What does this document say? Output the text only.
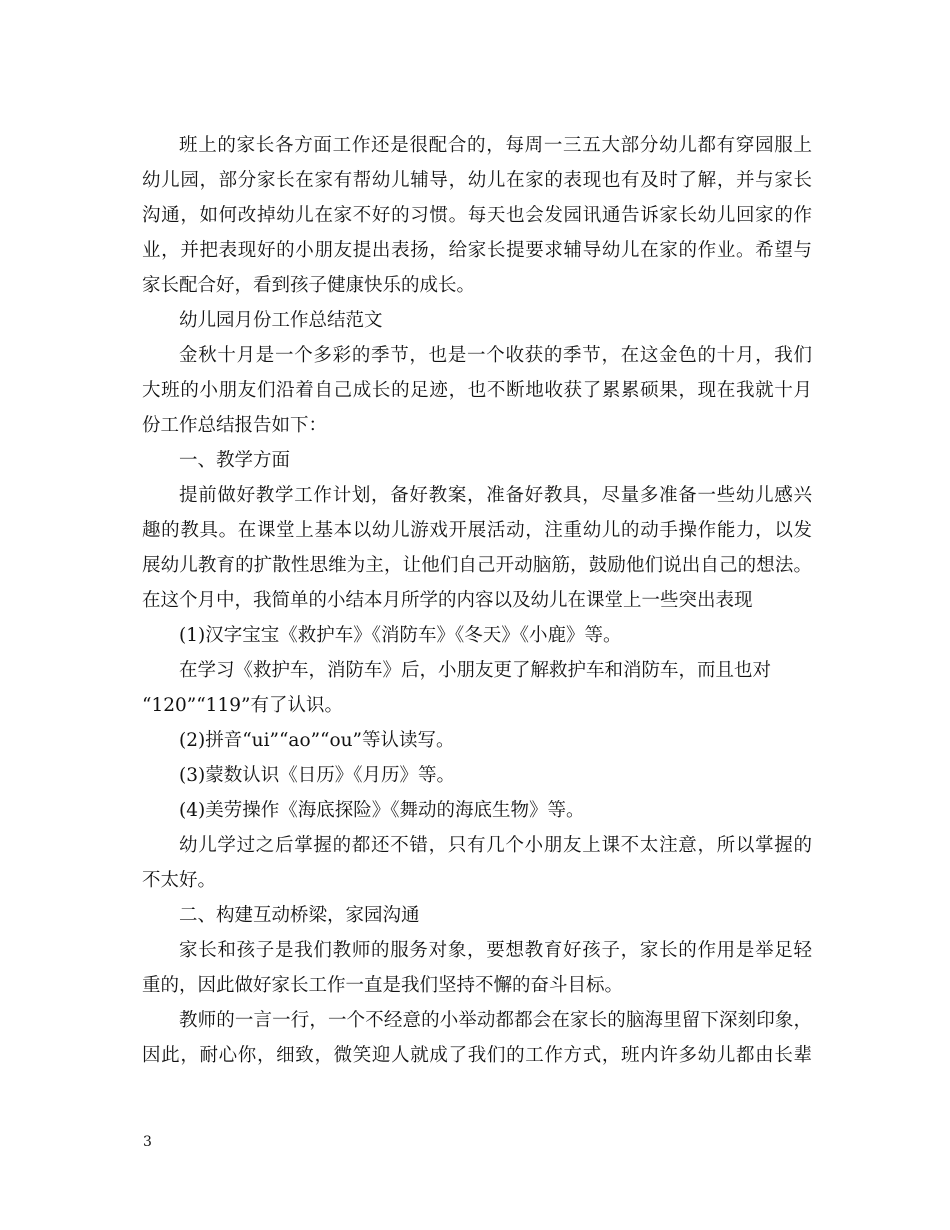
班上的家长各方面工作还是很配合的，每周一三五大部分幼儿都有穿园服上
幼儿园，部分家长在家有帮幼儿辅导，幼儿在家的表现也有及时了解，并与家长
沟通，如何改掉幼儿在家不好的习惯。每天也会发园讯通告诉家长幼儿回家的作
业，并把表现好的小朋友提出表扬，给家长提要求辅导幼儿在家的作业。希望与
家长配合好，看到孩子健康快乐的成长。
幼儿园月份工作总结范文
金秋十月是一个多彩的季节，也是一个收获的季节，在这金色的十月，我们
大班的小朋友们沿着自己成长的足迹，也不断地收获了累累硕果，现在我就十月
份工作总结报告如下：
一、教学方面
提前做好教学工作计划，备好教案，准备好教具，尽量多准备一些幼儿感兴
趣的教具。在课堂上基本以幼儿游戏开展活动，注重幼儿的动手操作能力，以发
展幼儿教育的扩散性思维为主，让他们自己开动脑筋，鼓励他们说出自己的想法。
在这个月中，我简单的小结本月所学的内容以及幼儿在课堂上一些突出表现
(1)汉字宝宝《救护车》《消防车》《冬天》《小鹿》等。
在学习《救护车，消防车》后，小朋友更了解救护车和消防车，而且也对
“120”“119”有了认识。
(2)拼音“ui”“ao”“ou”等认读写。
(3)蒙数认识《日历》《月历》等。
(4)美劳操作《海底探险》《舞动的海底生物》等。
幼儿学过之后掌握的都还不错，只有几个小朋友上课不太注意，所以掌握的
不太好。
二、构建互动桥梁，家园沟通
家长和孩子是我们教师的服务对象，要想教育好孩子，家长的作用是举足轻
重的，因此做好家长工作一直是我们坚持不懈的奋斗目标。
教师的一言一行，一个不经意的小举动都都会在家长的脑海里留下深刻印象，
因此，耐心你，细致，微笑迎人就成了我们的工作方式，班内许多幼儿都由长辈
3
